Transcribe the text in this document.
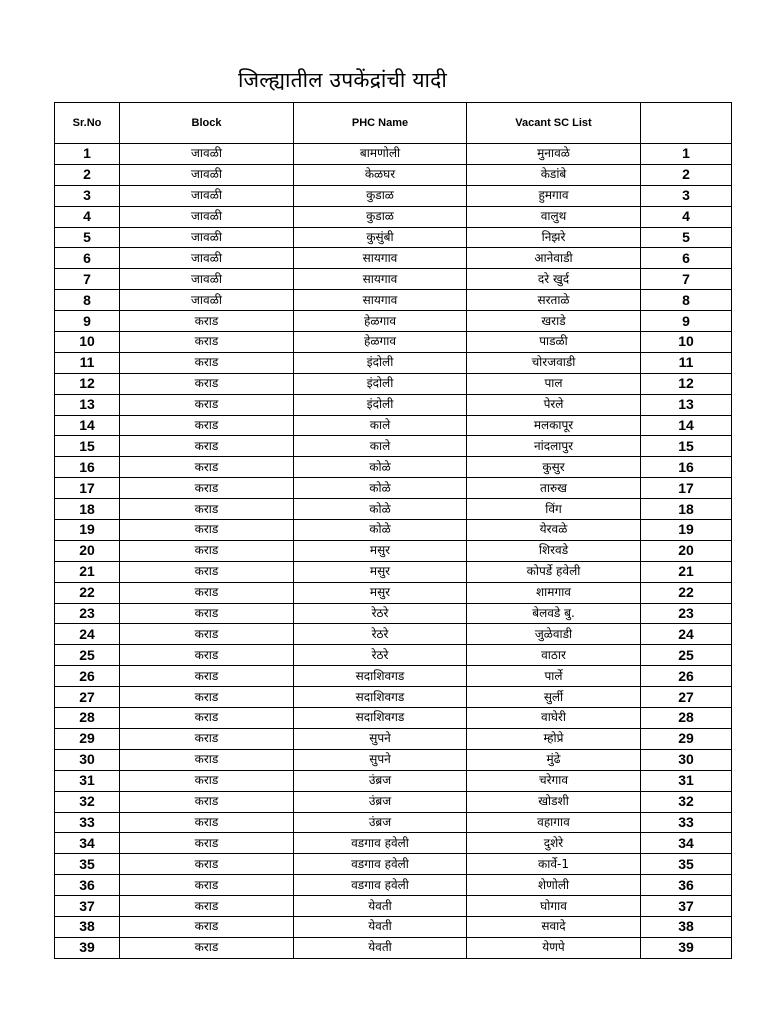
जिल्ह्यातील उपकेंद्रांची यादी
Sr.No	Block	PHC Name	Vacant SC List	
1	जावळी	बामणोली	मुनावळे	1
2	जावळी	केळघर	केडांबे	2
3	जावळी	कुडाळ	हुमगाव	3
4	जावळी	कुडाळ	वालुथ	4
5	जावळी	कुसुंबी	निझरे	5
6	जावळी	सायगाव	आनेवाडी	6
7	जावळी	सायगाव	दरे खुर्द	7
8	जावळी	सायगाव	सरताळे	8
9	कराड	हेळगाव	खराडे	9
10	कराड	हेळगाव	पाडळी	10
11	कराड	इंदोली	चोरजवाडी	11
12	कराड	इंदोली	पाल	12
13	कराड	इंदोली	पेरले	13
14	कराड	काले	मलकापूर	14
15	कराड	काले	नांदलापुर	15
16	कराड	कोळे	कुसुर	16
17	कराड	कोळे	तारुख	17
18	कराड	कोळे	विंग	18
19	कराड	कोळे	येरवळे	19
20	कराड	मसुर	शिरवडे	20
21	कराड	मसुर	कोपर्डे हवेली	21
22	कराड	मसुर	शामगाव	22
23	कराड	रेठरे	बेलवडे बु.	23
24	कराड	रेठरे	जुळेवाडी	24
25	कराड	रेठरे	वाठार	25
26	कराड	सदाशिवगड	पार्ले	26
27	कराड	सदाशिवगड	सुर्ली	27
28	कराड	सदाशिवगड	वाघेरी	28
29	कराड	सुपने	म्होप्रे	29
30	कराड	सुपने	मुंढे	30
31	कराड	उंब्रज	चरेगाव	31
32	कराड	उंब्रज	खोडशी	32
33	कराड	उंब्रज	वहागाव	33
34	कराड	वडगाव हवेली	दुशेरे	34
35	कराड	वडगाव हवेली	कार्वे-1	35
36	कराड	वडगाव हवेली	शेणोली	36
37	कराड	येवती	घोगाव	37
38	कराड	येवती	सवादे	38
39	कराड	येवती	येणपे	39
